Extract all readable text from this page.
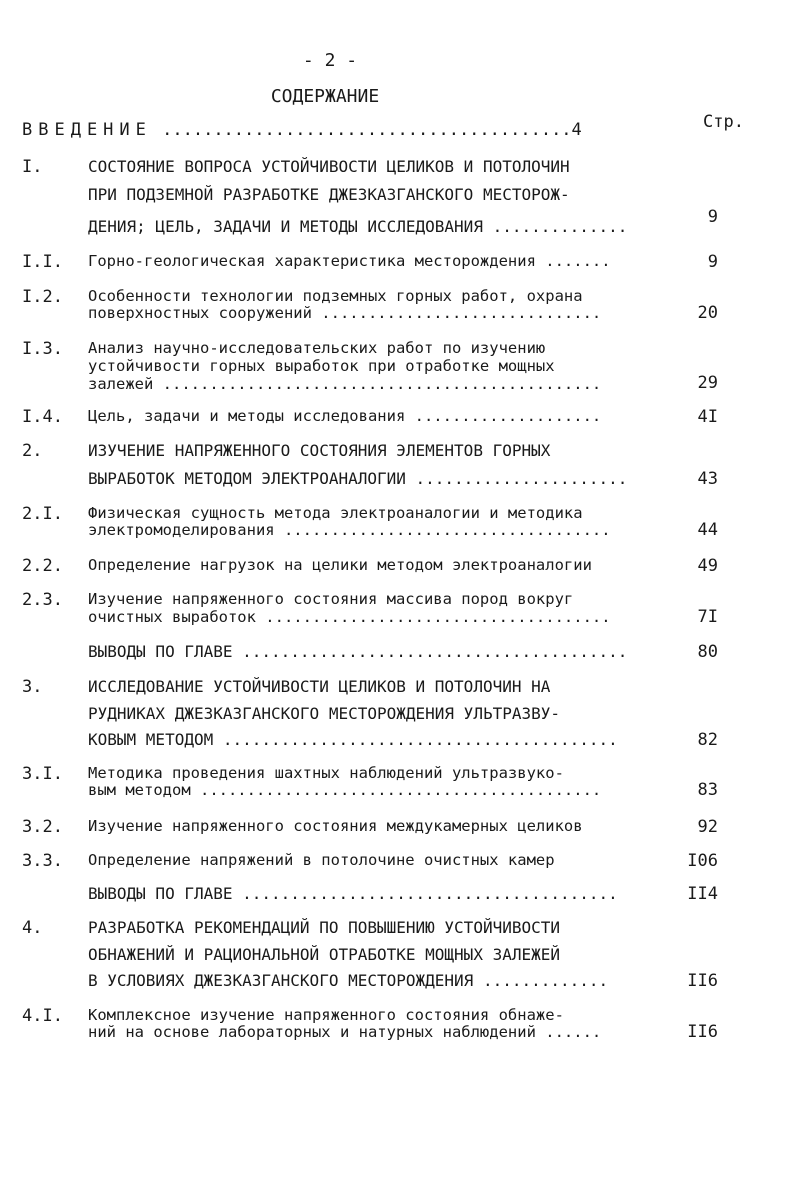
- 2 -
СОДЕРЖАНИЕ
Стр.
ВВЕДЕНИЕ ........................................4
I.	СОСТОЯНИЕ ВОПРОСА УСТОЙЧИВОСТИ ЦЕЛИКОВ И ПОТОЛОЧИН
ПРИ ПОДЗЕМНОЙ РАЗРАБОТКЕ ДЖЕЗКАЗГАНСКОГО МЕСТОРОЖ-
ДЕНИЯ; ЦЕЛЬ, ЗАДАЧИ И МЕТОДЫ ИССЛЕДОВАНИЯ ..............	9
I.I. Горно-геологическая характеристика месторождения .......	9
I.2. Особенности технологии подземных горных работ, охрана
поверхностных сооружений ..............................	20
I.3. Анализ научно-исследовательских работ по изучению
устойчивости горных выработок при отработке мощных
залежей ...............................................	29
I.4. Цель, задачи и методы исследования ....................	4I
2.	ИЗУЧЕНИЕ НАПРЯЖЕННОГО СОСТОЯНИЯ ЭЛЕМЕНТОВ ГОРНЫХ
ВЫРАБОТОК МЕТОДОМ ЭЛЕКТРОАНАЛОГИИ ......................	43
2.I. Физическая сущность метода электроаналогии и методика
электромоделирования ...................................	44
2.2. Определение нагрузок на целики методом электроаналогии	49
2.3. Изучение напряженного состояния массива пород вокруг
очистных выработок .....................................	7I
ВЫВОДЫ ПО ГЛАВЕ ........................................	80
3.	ИССЛЕДОВАНИЕ УСТОЙЧИВОСТИ ЦЕЛИКОВ И ПОТОЛОЧИН НА
РУДНИКАХ ДЖЕЗКАЗГАНСКОГО МЕСТОРОЖДЕНИЯ УЛЬТРАЗВУ-
КОВЫМ МЕТОДОМ .........................................	82
3.I. Методика проведения шахтных наблюдений ультразвуко-
вым методом ...........................................	83
3.2. Изучение напряженного состояния междукамерных целиков	92
3.3. Определение напряжений в потолочине очистных камер	I06
ВЫВОДЫ ПО ГЛАВЕ .......................................	II4
4.	РАЗРАБОТКА РЕКОМЕНДАЦИЙ ПО ПОВЫШЕНИЮ УСТОЙЧИВОСТИ
ОБНАЖЕНИЙ И РАЦИОНАЛЬНОЙ ОТРАБОТКЕ МОЩНЫХ ЗАЛЕЖЕЙ
В УСЛОВИЯХ ДЖЕЗКАЗГАНСКОГО МЕСТОРОЖДЕНИЯ .............	II6
4.I. Комплексное изучение напряженного состояния обнаже-
ний на основе лабораторных и натурных наблюдений ......	II6
